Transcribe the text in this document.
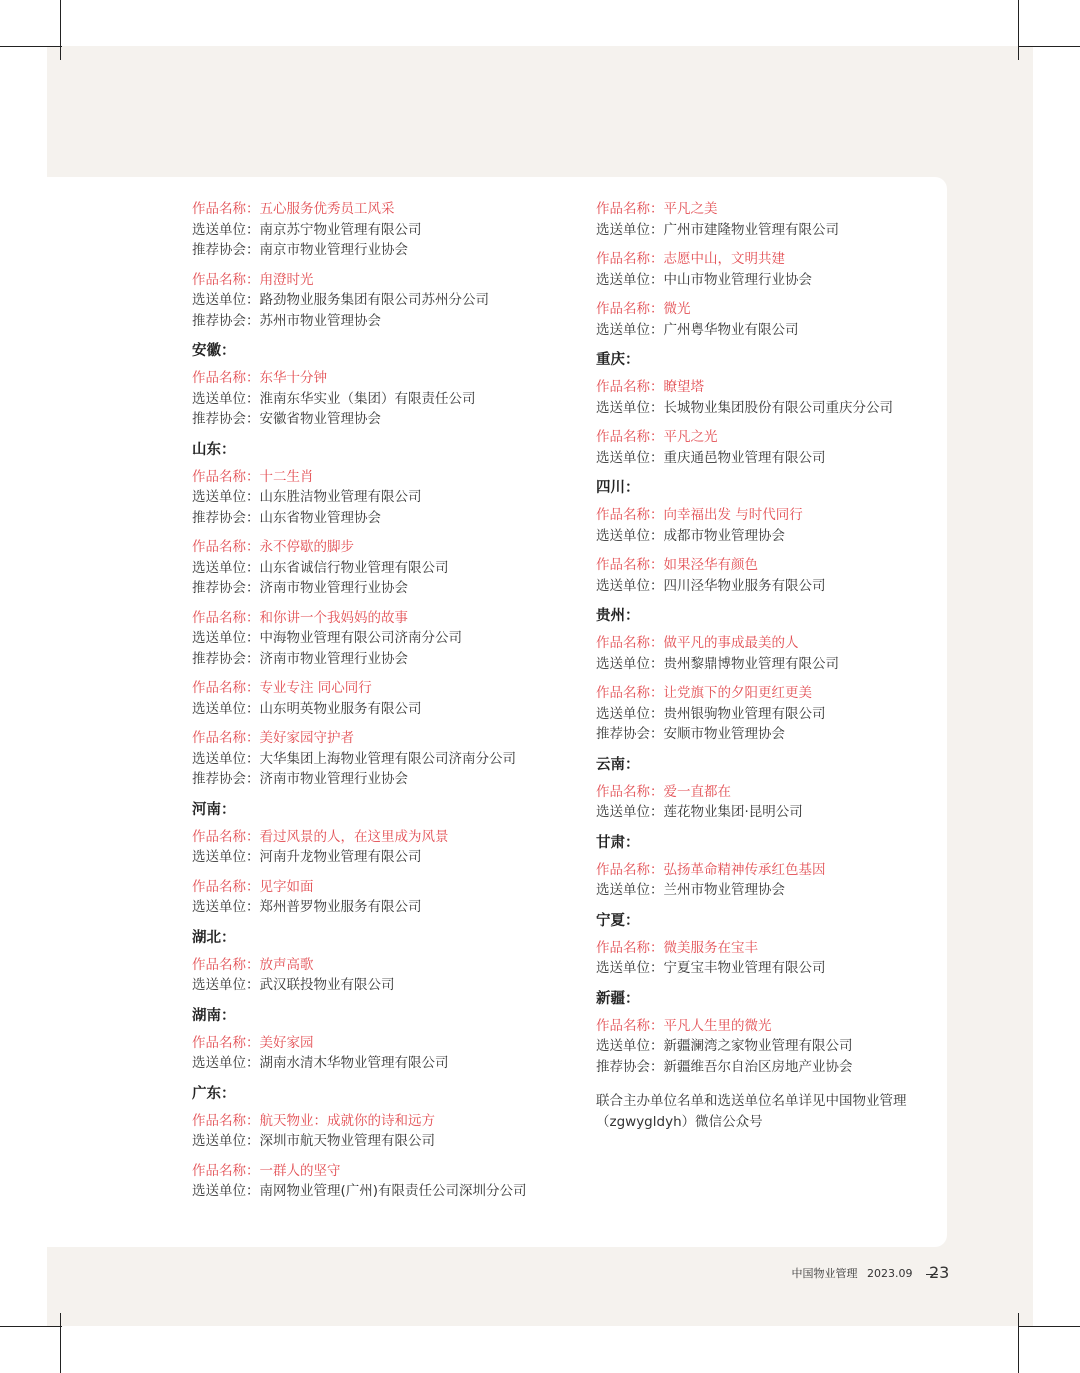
作品名称：五心服务优秀员工风采
选送单位：南京苏宁物业管理有限公司
推荐协会：南京市物业管理行业协会
作品名称：甪澄时光
选送单位：路劲物业服务集团有限公司苏州分公司
推荐协会：苏州市物业管理协会
安徽：
作品名称：东华十分钟
选送单位：淮南东华实业（集团）有限责任公司
推荐协会：安徽省物业管理协会
山东：
作品名称：十二生肖
选送单位：山东胜洁物业管理有限公司
推荐协会：山东省物业管理协会
作品名称：永不停歇的脚步
选送单位：山东省诚信行物业管理有限公司
推荐协会：济南市物业管理行业协会
作品名称：和你讲一个我妈妈的故事
选送单位：中海物业管理有限公司济南分公司
推荐协会：济南市物业管理行业协会
作品名称：专业专注 同心同行
选送单位：山东明英物业服务有限公司
作品名称：美好家园守护者
选送单位：大华集团上海物业管理有限公司济南分公司
推荐协会：济南市物业管理行业协会
河南：
作品名称：看过风景的人，在这里成为风景
选送单位：河南升龙物业管理有限公司
作品名称：见字如面
选送单位：郑州普罗物业服务有限公司
湖北：
作品名称：放声高歌
选送单位：武汉联投物业有限公司
湖南：
作品名称：美好家园
选送单位：湖南水清木华物业管理有限公司
广东：
作品名称：航天物业：成就你的诗和远方
选送单位：深圳市航天物业管理有限公司
作品名称：一群人的坚守
选送单位：南网物业管理(广州)有限责任公司深圳分公司
作品名称：平凡之美
选送单位：广州市建隆物业管理有限公司
作品名称：志愿中山，文明共建
选送单位：中山市物业管理行业协会
作品名称：微光
选送单位：广州粤华物业有限公司
重庆：
作品名称：瞭望塔
选送单位：长城物业集团股份有限公司重庆分公司
作品名称：平凡之光
选送单位：重庆通邑物业管理有限公司
四川：
作品名称：向幸福出发 与时代同行
选送单位：成都市物业管理协会
作品名称：如果泾华有颜色
选送单位：四川泾华物业服务有限公司
贵州：
作品名称：做平凡的事成最美的人
选送单位：贵州黎鼎博物业管理有限公司
作品名称：让党旗下的夕阳更红更美
选送单位：贵州银驹物业管理有限公司
推荐协会：安顺市物业管理协会
云南：
作品名称：爱一直都在
选送单位：莲花物业集团·昆明公司
甘肃：
作品名称：弘扬革命精神传承红色基因
选送单位：兰州市物业管理协会
宁夏：
作品名称：微美服务在宝丰
选送单位：宁夏宝丰物业管理有限公司
新疆：
作品名称：平凡人生里的微光
选送单位：新疆澜湾之家物业管理有限公司
推荐协会：新疆维吾尔自治区房地产业协会
联合主办单位名单和选送单位名单详见中国物业管理
（zgwygldyh）微信公众号
中国物业管理 2023.09	23
